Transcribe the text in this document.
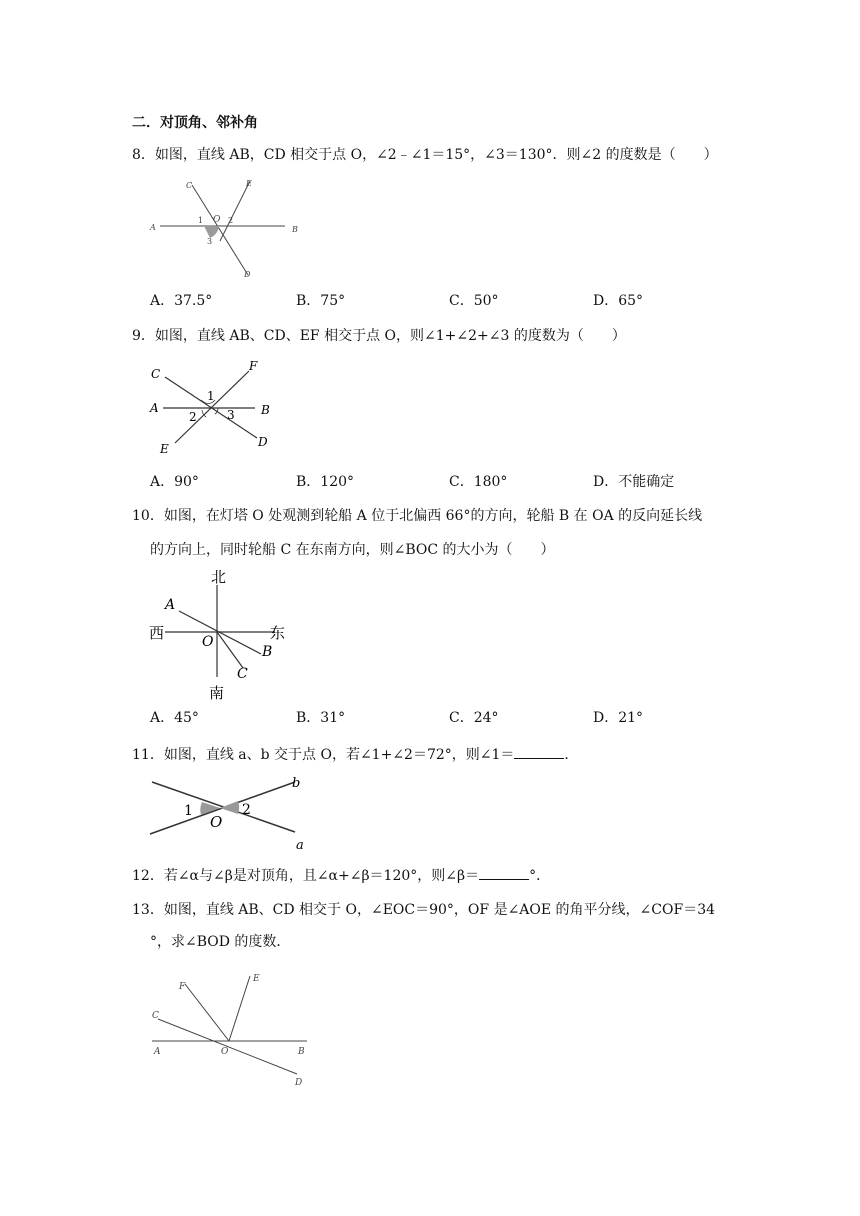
二．对顶角、邻补角
8．如图，直线 AB，CD 相交于点 O，∠2﹣∠1＝15°，∠3＝130°．则∠2 的度数是（　　）
A	B
C
D
E
O
1	2
3
A．37.5°	B．75°	C．50°	D．65°
9．如图，直线 AB、CD、EF 相交于点 O，则∠1+∠2+∠3 的度数为（　　）
A	B
C
D
E
F
1
2	3
A．90°	B．120°	C．180°	D．不能确定
10．如图，在灯塔 O 处观测到轮船 A 位于北偏西 66°的方向，轮船 B 在 OA 的反向延长线
的方向上，同时轮船 C 在东南方向，则∠BOC 的大小为（　　）
北
南
西	东
A
B
C
O
A．45°	B．31°	C．24°	D．21°
11．如图，直线 a、b 交于点 O，若∠1+∠2＝72°，则∠1＝	．
1	2
O
b
a
12．若∠α与∠β是对顶角，且∠α+∠β＝120°，则∠β＝	°．
13．如图，直线 AB、CD 相交于 O，∠EOC＝90°，OF 是∠AOE 的角平分线，∠COF＝34
°，求∠BOD 的度数．
A	B
C
D
E
F
O
